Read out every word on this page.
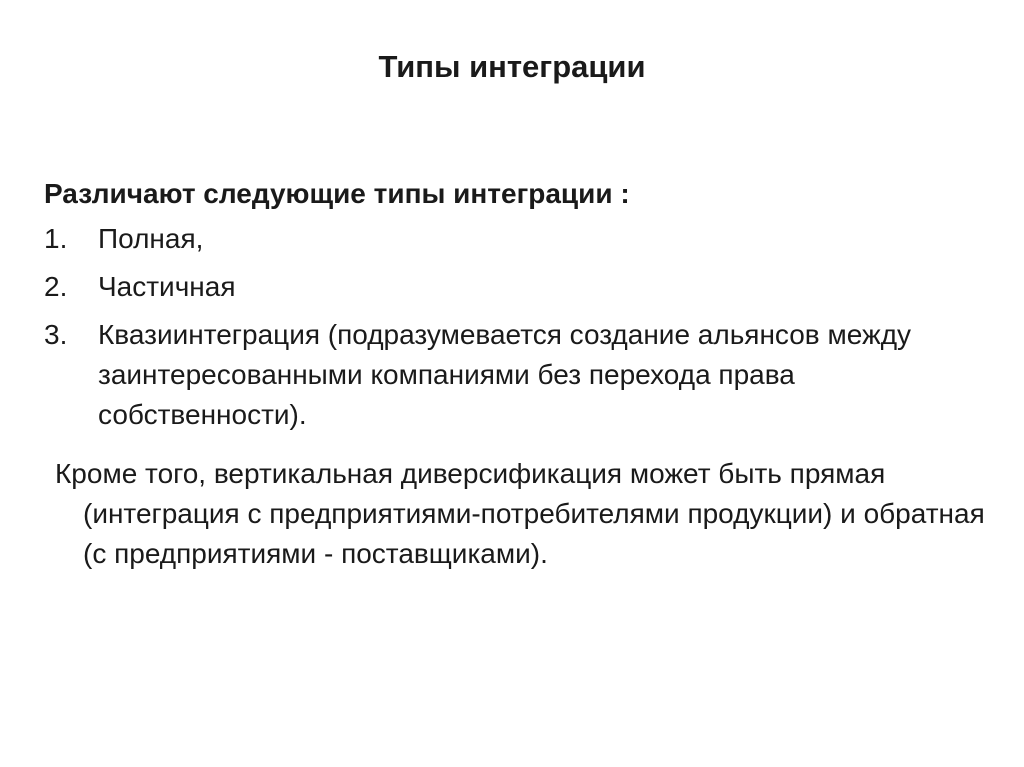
Типы интеграции
Различают следующие типы интеграции :
1. Полная,
2. Частичная
3. Квазиинтеграция (подразумевается создание альянсов между заинтересованными компаниями без перехода права собственности).
Кроме того, вертикальная диверсификация может быть прямая (интеграция с предприятиями-потребителями продукции) и обратная (с предприятиями - поставщиками).
